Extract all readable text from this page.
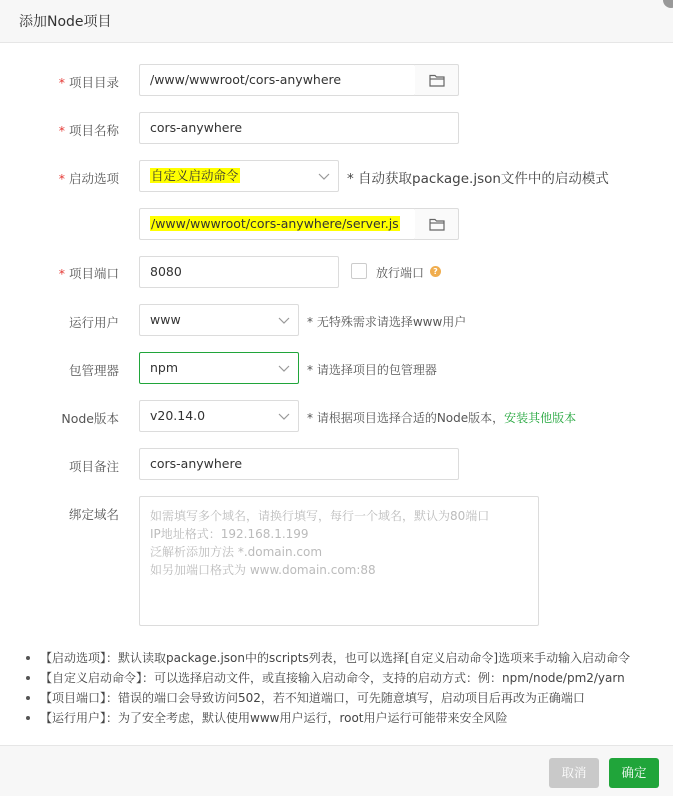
添加Node项目
* 项目目录	/www/wwwroot/cors-anywhere
* 项目名称	cors-anywhere
* 启动选项	自定义启动命令	* 自动获取package.json文件中的启动模式
/www/wwwroot/cors-anywhere/server.js
* 项目端口	8080	放行端口	?
运行用户	www	* 无特殊需求请选择www用户
包管理器	npm	* 请选择项目的包管理器
Node版本	v20.14.0	* 请根据项目选择合适的Node版本，安装其他版本
项目备注	cors-anywhere
绑定域名	如需填写多个域名，请换行填写，每行一个域名，默认为80端口
IP地址格式：192.168.1.199
泛解析添加方法 *.domain.com
如另加端口格式为 www.domain.com:88
【启动选项】：默认读取package.json中的scripts列表，也可以选择[自定义启动命令]选项来手动输入启动命令
【自定义启动命令】：可以选择启动文件，或直接输入启动命令，支持的启动方式：例：npm/node/pm2/yarn
【项目端口】：错误的端口会导致访问502，若不知道端口，可先随意填写，启动项目后再改为正确端口
【运行用户】：为了安全考虑，默认使用www用户运行，root用户运行可能带来安全风险
取消	确定
